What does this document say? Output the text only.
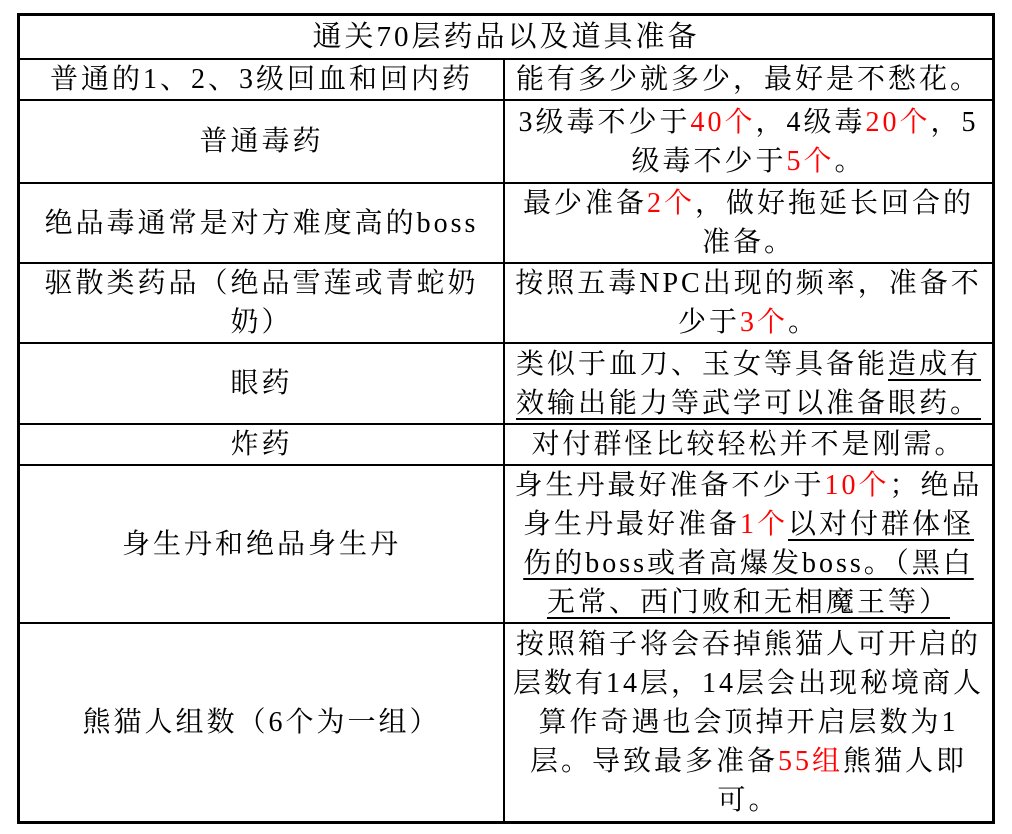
通关70层药品以及道具准备
普通的1、2、3级回血和回内药	能有多少就多少，最好是不愁花。
普通毒药
3级毒不少于40个，4级毒20个，5级毒不少于5个。
绝品毒通常是对方难度高的boss
最少准备2个，做好拖延长回合的准备。
驱散类药品（绝品雪莲或青蛇奶奶）
按照五毒NPC出现的频率，准备不少于3个。
眼药
类似于血刀、玉女等具备能造成有效输出能力等武学可以准备眼药。
炸药	对付群怪比较轻松并不是刚需。
身生丹和绝品身生丹
身生丹最好准备不少于10个；绝品身生丹最好准备1个以对付群体怪伤的boss或者高爆发boss。（黑白无常、西门败和无相魔王等）
熊猫人组数（6个为一组）
按照箱子将会吞掉熊猫人可开启的层数有14层，14层会出现秘境商人算作奇遇也会顶掉开启层数为1层。导致最多准备55组熊猫人即可。
